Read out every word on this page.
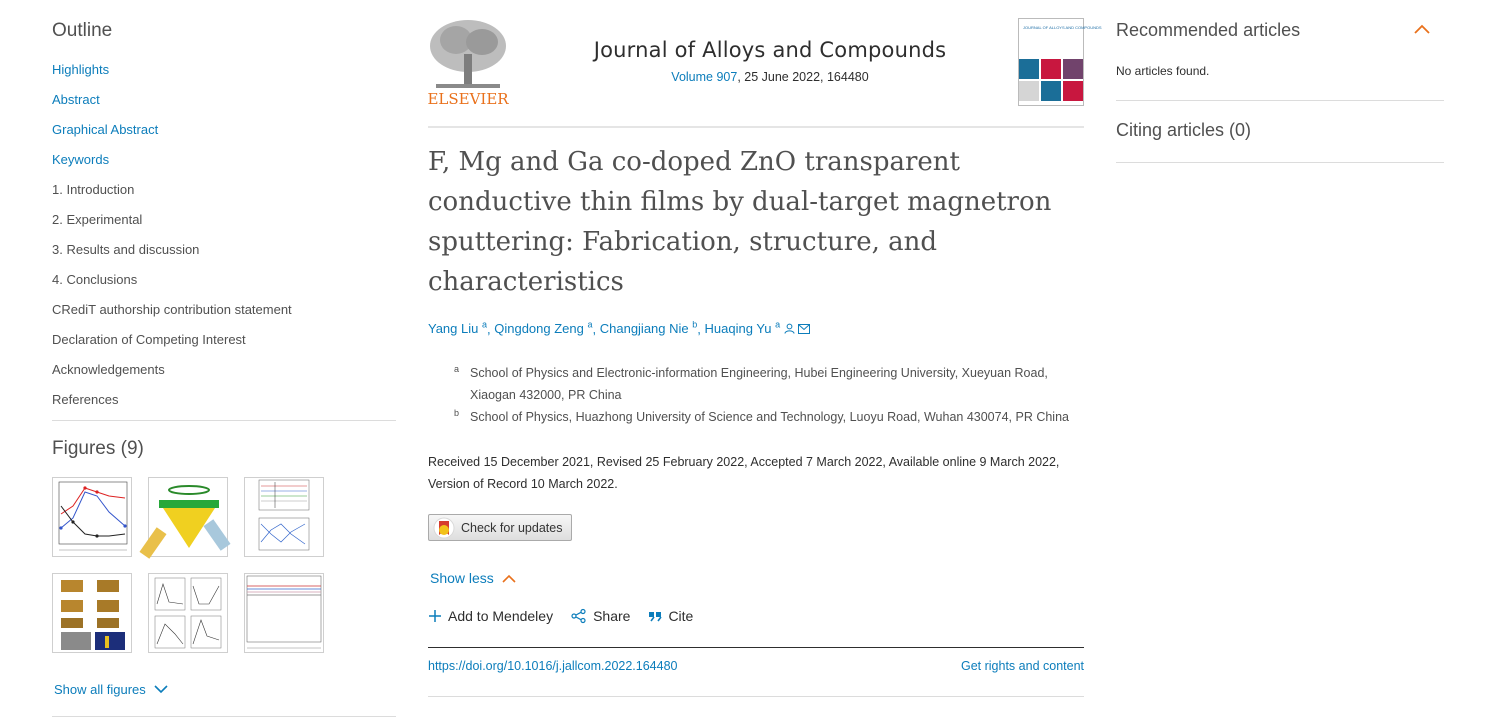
Outline
Highlights
Abstract
Graphical Abstract
Keywords
1. Introduction
2. Experimental
3. Results and discussion
4. Conclusions
CRediT authorship contribution statement
Declaration of Competing Interest
Acknowledgements
References
Figures (9)
Show all figures
ELSEVIER
Journal of Alloys and Compounds
Volume 907, 25 June 2022, 164480
JOURNAL OF ALLOYS AND COMPOUNDS
F, Mg and Ga co-doped ZnO transparent conductive thin films by dual-target magnetron sputtering: Fabrication, structure, and characteristics
Yang Liu $^a$, Qingdong Zeng $^a$, Changjiang Nie $^b$, Huaqing Yu $^a$
a School of Physics and Electronic-information Engineering, Hubei Engineering University, Xueyuan Road, Xiaogan 432000, PR China
b School of Physics, Huazhong University of Science and Technology, Luoyu Road, Wuhan 430074, PR China
Received 15 December 2021, Revised 25 February 2022, Accepted 7 March 2022, Available online 9 March 2022,
Version of Record 10 March 2022.
Check for updates
Show less
Add to Mendeley	Share	Cite
https://doi.org/10.1016/j.jallcom.2022.164480	Get rights and content
Recommended articles
No articles found.
Citing articles (0)
